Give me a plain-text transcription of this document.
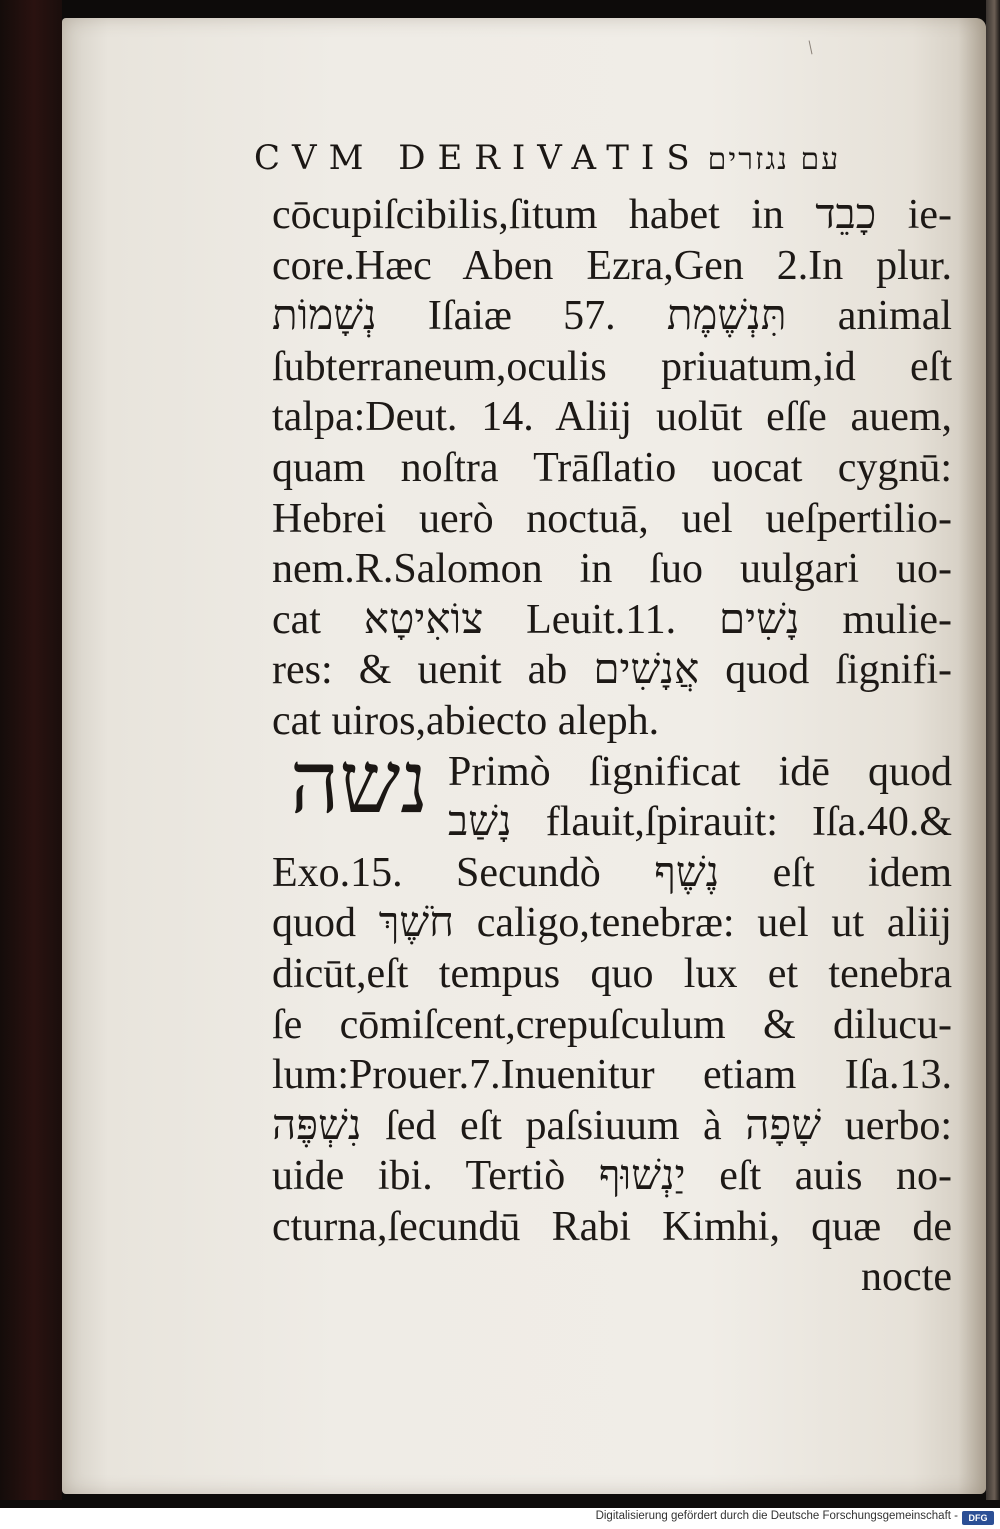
CVM DERIVATIS עם נגזרים
נשה
cōcupiſcibilis,ſitum habet in כָבֵד ie-
core.Hæc Aben Ezra,Gen 2.In plur.
נְשָׁמוֹת Iſaiæ 57. תִּנְשֶׁמֶת animal
ſubterraneum,oculis priuatum,id eſt
talpa:Deut. 14. Aliĳ uolūt eſſe auem,
quam noſtra Trāſlatio uocat cygnū:
Hebrei uerò noctuā, uel ueſpertilio-
nem.R.Salomon in ſuo uulgari uo-
cat צוֹאִיטָא Leuit.11. נָשִׁים mulie-
res: & uenit ab אֲנָשִׁים quod ſignifi-
cat uiros,abiecto aleph.
Primò ſignificat idē quod
נָשַׁב flauit,ſpirauit: Iſa.40.&
Exo.15. Secundò נֶשֶׁף eſt idem
quod חֹשֶׁךְ caligo,tenebræ: uel ut aliĳ
dicūt,eſt tempus quo lux et tenebra
ſe cōmiſcent,crepuſculum & dilucu-
lum:Prouer.7.Inuenitur etiam Iſa.13.
נִשְׁפֶּה ſed eſt paſsiuum à שָׁפָה uerbo:
uide ibi. Tertiò יַנְשׁוּף eſt auis no-
cturna,ſecundū Rabi Kimhi, quæ de
nocte
Digitalisierung gefördert durch die Deutsche Forschungsgemeinschaft -	DFG
